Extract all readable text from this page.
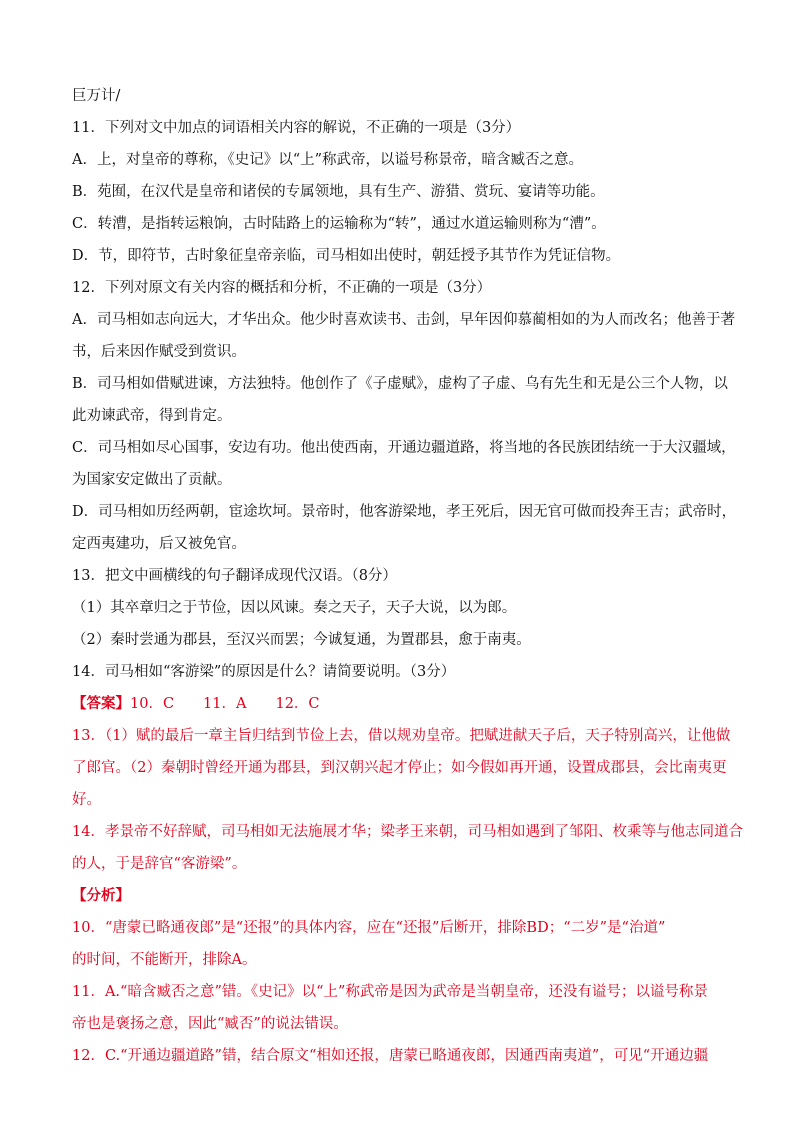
巨万计/
11．下列对文中加点的词语相关内容的解说，不正确的一项是（3分）
A．上，对皇帝的尊称，《史记》以“上”称武帝，以谥号称景帝，暗含臧否之意。
B．苑囿，在汉代是皇帝和诸侯的专属领地，具有生产、游猎、赏玩、宴请等功能。
C．转漕，是指转运粮饷，古时陆路上的运输称为“转”，通过水道运输则称为“漕”。
D．节，即符节，古时象征皇帝亲临，司马相如出使时，朝廷授予其节作为凭证信物。
12．下列对原文有关内容的概括和分析，不正确的一项是（3分）
A．司马相如志向远大，才华出众。他少时喜欢读书、击剑，早年因仰慕蔺相如的为人而改名；他善于著
书，后来因作赋受到赏识。
B．司马相如借赋进谏，方法独特。他创作了《子虚赋》，虚构了子虚、乌有先生和无是公三个人物，以
此劝谏武帝，得到肯定。
C．司马相如尽心国事，安边有功。他出使西南，开通边疆道路，将当地的各民族团结统一于大汉疆域，
为国家安定做出了贡献。
D．司马相如历经两朝，宦途坎坷。景帝时，他客游梁地，孝王死后，因无官可做而投奔王吉；武帝时，
定西夷建功，后又被免官。
13．把文中画横线的句子翻译成现代汉语。（8分）
（1）其卒章归之于节俭，因以风谏。奏之天子，天子大说，以为郎。
（2）秦时尝通为郡县，至汉兴而罢；今诚复通，为置郡县，愈于南夷。
14．司马相如“客游梁”的原因是什么？请简要说明。（3分）
【答案】10．C　　11．A　　12．C
13．（1）赋的最后一章主旨归结到节俭上去，借以规劝皇帝。把赋进献天子后，天子特别高兴，让他做
了郎官。（2）秦朝时曾经开通为郡县，到汉朝兴起才停止；如今假如再开通，设置成郡县，会比南夷更
好。
14．孝景帝不好辞赋，司马相如无法施展才华；梁孝王来朝，司马相如遇到了邹阳、枚乘等与他志同道合
的人，于是辞官“客游梁”。
【分析】
10．“唐蒙已略通夜郎”是“还报”的具体内容，应在“还报”后断开，排除BD；“二岁”是“治道”
的时间，不能断开，排除A。
11．A.“暗含臧否之意”错。《史记》以“上”称武帝是因为武帝是当朝皇帝，还没有谥号；以谥号称景
帝也是褒扬之意，因此“臧否”的说法错误。
12．C.“开通边疆道路”错，结合原文“相如还报，唐蒙已略通夜郎，因通西南夷道”，可见“开通边疆
